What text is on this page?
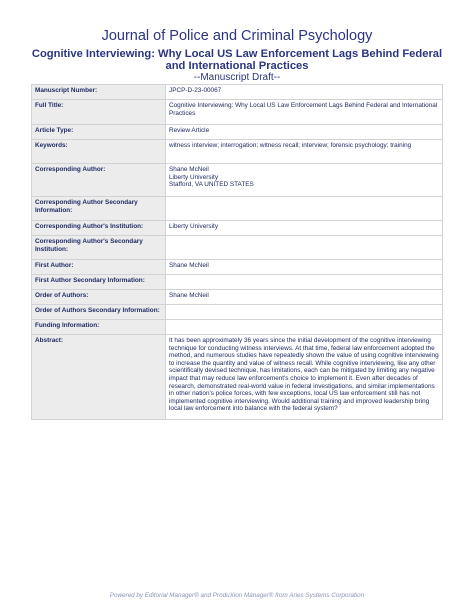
Journal of Police and Criminal Psychology
Cognitive Interviewing: Why Local US Law Enforcement Lags Behind Federal and International Practices
--Manuscript Draft--
Manuscript Number:	JPCP-D-23-00067
Full Title:	Cognitive Interviewing: Why Local US Law Enforcement Lags Behind Federal and International Practices
Article Type:	Review Article
Keywords:	witness interview; interrogation; witness recall; interview; forensic psychology; training
Corresponding Author:	Shane McNeil
Liberty University
Stafford, VA UNITED STATES
Corresponding Author Secondary Information:	
Corresponding Author's Institution:	Liberty University
Corresponding Author's Secondary Institution:	
First Author:	Shane McNeil
First Author Secondary Information:	
Order of Authors:	Shane McNeil
Order of Authors Secondary Information:	
Funding Information:	
Abstract:	It has been approximately 36 years since the initial development of the cognitive interviewing technique for conducting witness interviews. At that time, federal law enforcement adopted the method, and numerous studies have repeatedly shown the value of using cognitive interviewing to increase the quantity and value of witness recall. While cognitive interviewing, like any other scientifically devised technique, has limitations, each can be mitigated by limiting any negative impact that may reduce law enforcement's choice to implement it. Even after decades of research, demonstrated real-world value in federal investigations, and similar implementations in other nation's police forces, with few exceptions, local US law enforcement still has not implemented cognitive interviewing. Would additional training and improved leadership bring local law enforcement into balance with the federal system?
Powered by Editorial Manager® and ProduXion Manager® from Aries Systems Corporation
